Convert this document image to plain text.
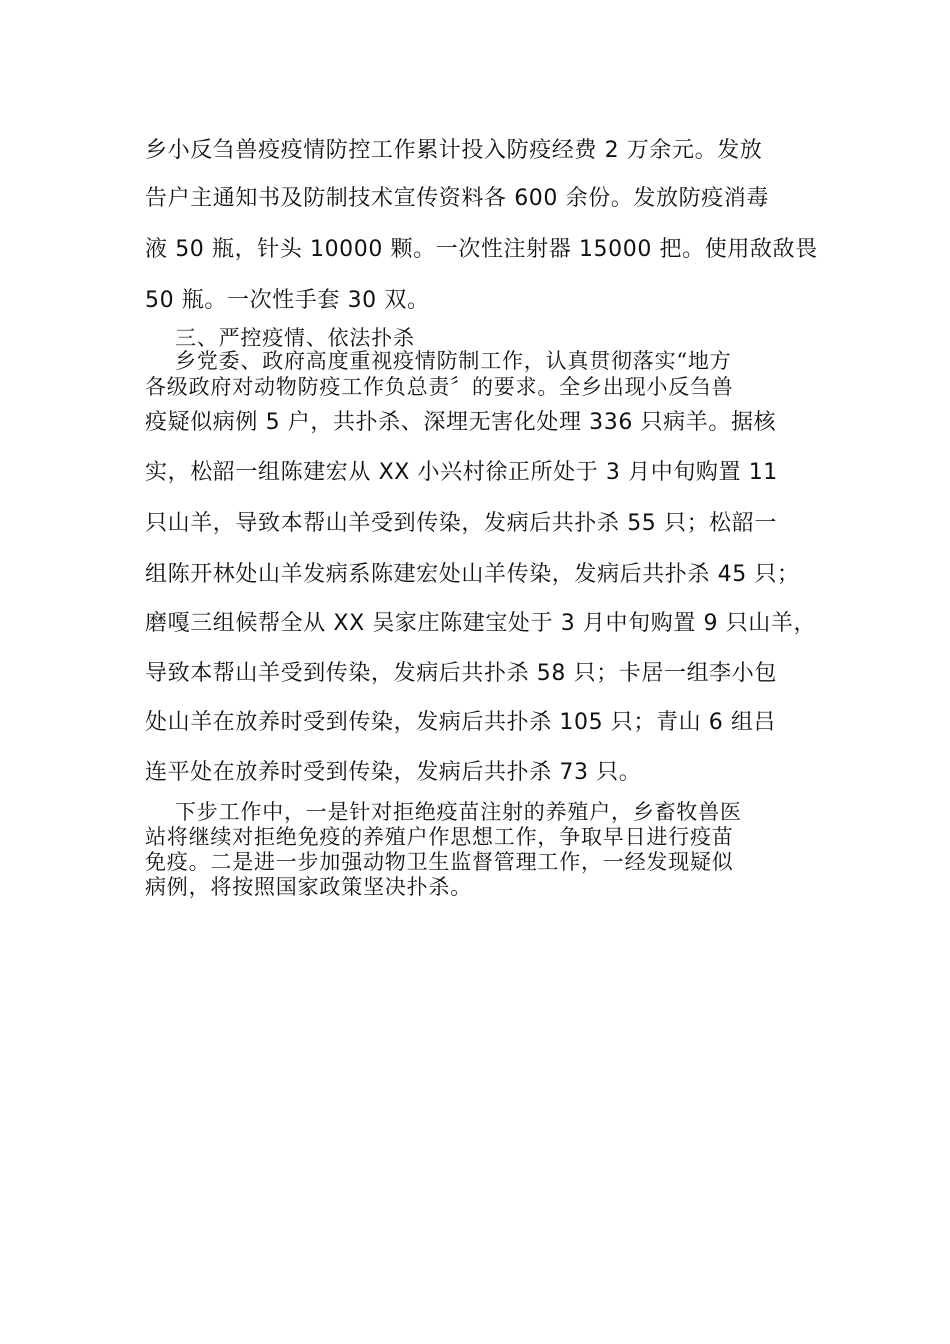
乡小反刍兽疫疫情防控工作累计投入防疫经费 2 万余元。发放
告户主通知书及防制技术宣传资料各 600 余份。发放防疫消毒
液 50 瓶，针头 10000 颗。一次性注射器 15000 把。使用敌敌畏
50 瓶。一次性手套 30 双。
三、严控疫情、依法扑杀
乡党委、政府高度重视疫情防制工作，认真贯彻落实“地方
各级政府对动物防疫工作负总责〞的要求。全乡出现小反刍兽
疫疑似病例 5 户，共扑杀、深埋无害化处理 336 只病羊。据核
实，松韶一组陈建宏从 XX 小兴村徐正所处于 3 月中旬购置 11
只山羊，导致本帮山羊受到传染，发病后共扑杀 55 只；松韶一
组陈开林处山羊发病系陈建宏处山羊传染，发病后共扑杀 45 只；
磨嘎三组候帮全从 XX 吴家庄陈建宝处于 3 月中旬购置 9 只山羊，
导致本帮山羊受到传染，发病后共扑杀 58 只；卡居一组李小包
处山羊在放养时受到传染，发病后共扑杀 105 只；青山 6 组吕
连平处在放养时受到传染，发病后共扑杀 73 只。
下步工作中，一是针对拒绝疫苗注射的养殖户，乡畜牧兽医
站将继续对拒绝免疫的养殖户作思想工作，争取早日进行疫苗
免疫。二是进一步加强动物卫生监督管理工作，一经发现疑似
病例，将按照国家政策坚决扑杀。
